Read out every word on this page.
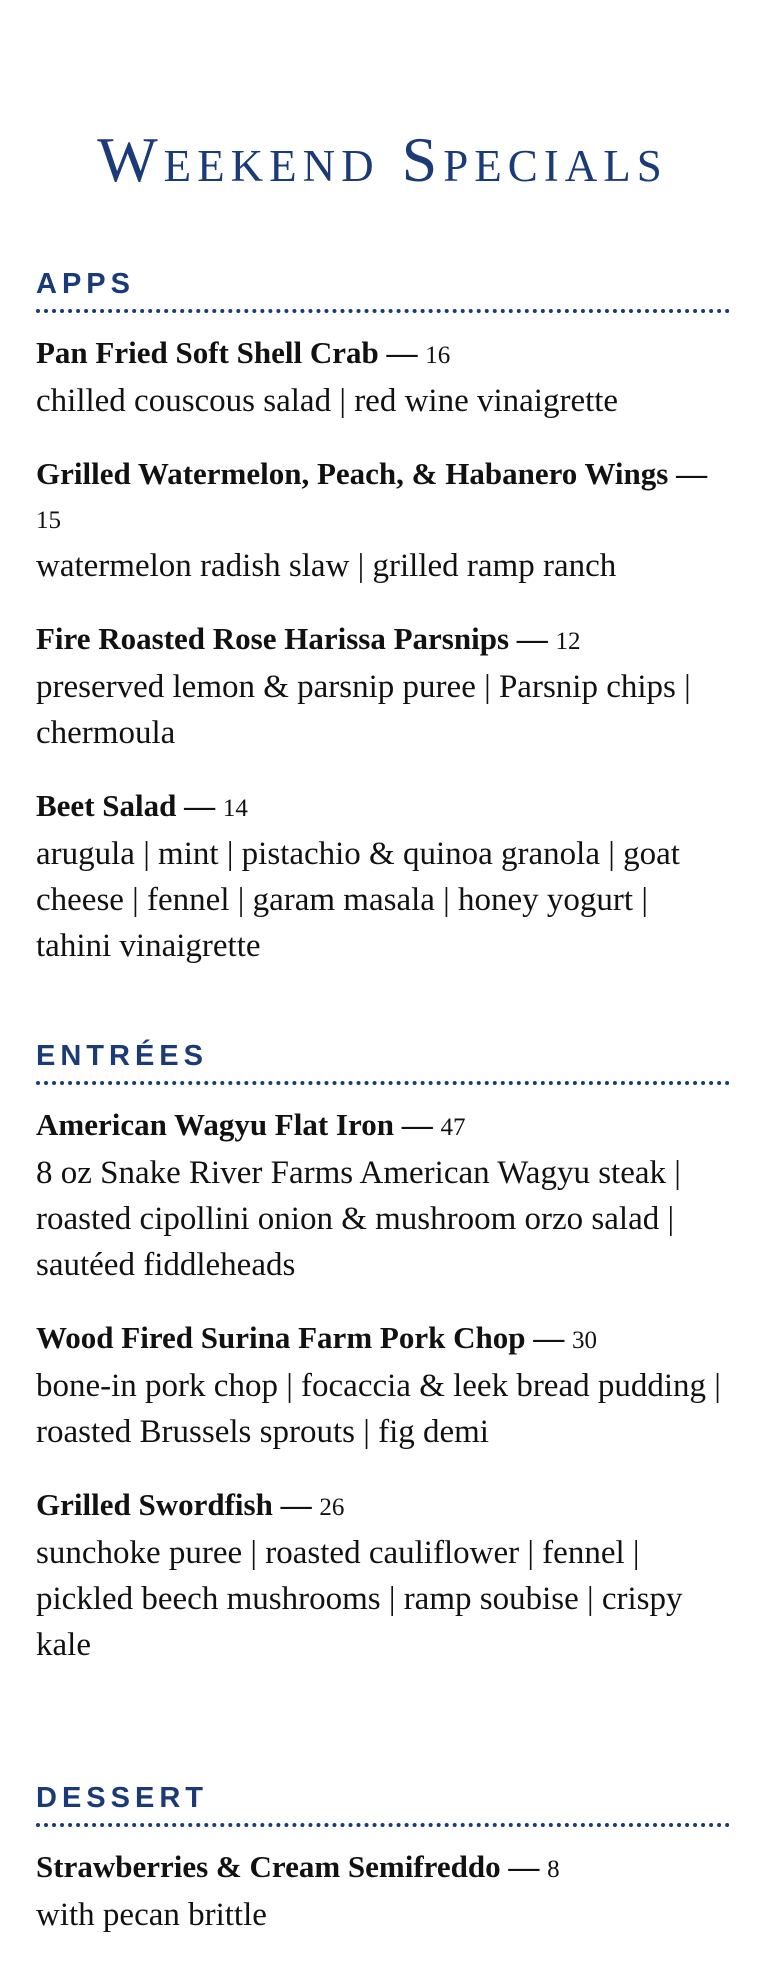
Weekend Specials
APPS

Pan Fried Soft Shell Crab — 16

chilled couscous salad | red wine vinaigrette

Grilled Watermelon, Peach, & Habanero Wings — 15

watermelon radish slaw | grilled ramp ranch

Fire Roasted Rose Harissa Parsnips — 12

preserved lemon & parsnip puree | Parsnip chips | chermoula

Beet Salad — 14

arugula | mint | pistachio & quinoa granola | goat cheese | fennel | garam masala | honey yogurt | tahini vinaigrette

ENTRÉES

American Wagyu Flat Iron — 47

8 oz Snake River Farms American Wagyu steak | roasted cipollini onion & mushroom orzo salad | sautéed fiddleheads

Wood Fired Surina Farm Pork Chop — 30

bone-in pork chop | focaccia & leek bread pudding | roasted Brussels sprouts | fig demi

Grilled Swordfish — 26

sunchoke puree | roasted cauliflower | fennel | pickled beech mushrooms | ramp soubise | crispy kale

DESSERT

Strawberries & Cream Semifreddo — 8

with pecan brittle
